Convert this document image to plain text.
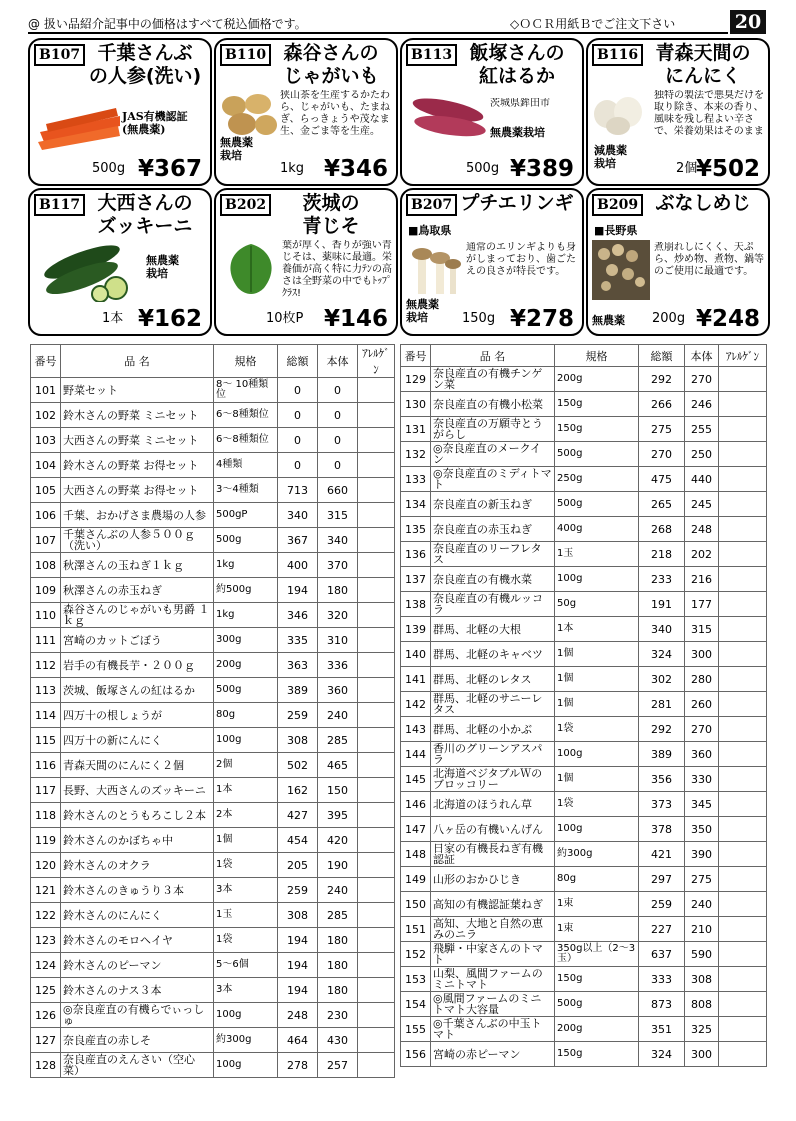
@ 扱い品紹介記事中の価格はすべて税込価格です。	◇ＯＣＲ用紙Ｂでご注文下さい	20
B107 千葉さんぶ
の人参(洗い)
JAS有機認証
(無農薬)
500g ¥367
B110 森谷さんの
じゃがいも
狭山茶を生産するかたわら、じゃがいも、たまねぎ、らっきょうや茂なま生、金ごま等を生産。
無農薬
栽培
1kg ¥346
B113 飯塚さんの
紅はるか
茨城県鉾田市
無農薬栽培
500g ¥389
B116 青森天間の
にんにく
独特の製法で悪臭だけを取り除き、本来の香り、風味を残し程よい辛さで、栄養効果はそのまま
減農薬
栽培	2個
¥502
B117 大西さんの
ズッキーニ
無農薬
栽培
1本 ¥162
B202	茨城の
青じそ
葉が厚く、香りが強い青じそは、薬味に最適。栄養価が高く特に力ﾃﾝの高さは全野菜の中でもﾄｯﾌﾟｸﾗｽ!
10枚P ¥146
B207 プチエリンギ
■鳥取県
通常のエリンギよりも身がしまっており、歯ごたえの良さが特長です。
無農薬
栽培	150g ¥278
B209 ぶなしめじ
■長野県
煮崩れしにくく、天ぷら、炒め物、煮物、鍋等のご使用に最適です。
無農薬 200g ¥248
番号	品 名	規格	総額	本体	ｱﾚﾙｹﾞﾝ
101	野菜セット	8～ 10種類位	0	0	
102	鈴木さんの野菜 ミニセット	6～8種類位	0	0	
103	大西さんの野菜 ミニセット	6～8種類位	0	0	
104	鈴木さんの野菜 お得セット	4種類	0	0	
105	大西さんの野菜 お得セット	3～4種類	713	660	
106	千葉、おかげさま農場の人参	500gP	340	315	
107	千葉さんぶの人参５００ｇ（洗い）	500g	367	340	
108	秋澤さんの玉ねぎ１ｋｇ	1kg	400	370	
109	秋澤さんの赤玉ねぎ	約500g	194	180	
110	森谷さんのじゃがいも男爵 １ｋｇ	1kg	346	320	
111	宮崎のカットごぼう	300g	335	310	
112	岩手の有機長芋・２００ｇ	200g	363	336	
113	茨城、飯塚さんの紅はるか	500g	389	360	
114	四万十の根しょうが	80g	259	240	
115	四万十の新にんにく	100g	308	285	
116	青森天間のにんにく２個	2個	502	465	
117	長野、大西さんのズッキーニ	1本	162	150	
118	鈴木さんのとうもろこし２本	2本	427	395	
119	鈴木さんのかぼちゃ中	1個	454	420	
120	鈴木さんのオクラ	1袋	205	190	
121	鈴木さんのきゅうり３本	3本	259	240	
122	鈴木さんのにんにく	1玉	308	285	
123	鈴木さんのモロヘイヤ	1袋	194	180	
124	鈴木さんのピーマン	5～6個	194	180	
125	鈴木さんのナス３本	3本	194	180	
126	◎奈良産直の有機らでぃっしゅ	100g	248	230	
127	奈良産直の赤しそ	約300g	464	430	
128	奈良産直のえんさい（空心菜）	100g	278	257	
番号	品 名	規格	総額	本体	ｱﾚﾙｹﾞﾝ
129	奈良産直の有機チンゲン菜	200g	292	270	
130	奈良産直の有機小松菜	150g	266	246	
131	奈良産直の万願寺とうがらし	150g	275	255	
132	◎奈良産直のメークイン	500g	270	250	
133	◎奈良産直のミディトマト	250g	475	440	
134	奈良産直の新玉ねぎ	500g	265	245	
135	奈良産直の赤玉ねぎ	400g	268	248	
136	奈良産直のリーフレタス	1玉	218	202	
137	奈良産直の有機水菜	100g	233	216	
138	奈良産直の有機ルッコラ	50g	191	177	
139	群馬、北軽の大根	1本	340	315	
140	群馬、北軽のキャベツ	1個	324	300	
141	群馬、北軽のレタス	1個	302	280	
142	群馬、北軽のサニーレタス	1個	281	260	
143	群馬、北軽の小かぶ	1袋	292	270	
144	香川のグリーンアスパラ	100g	389	360	
145	北海道ベジタブルＷのブロッコリー	1個	356	330	
146	北海道のほうれん草	1袋	373	345	
147	八ヶ岳の有機いんげん	100g	378	350	
148	日家の有機長ねぎ有機認証	約300g	421	390	
149	山形のおかひじき	80g	297	275	
150	高知の有機認証葉ねぎ	1束	259	240	
151	高知、大地と自然の恵みのニラ	1束	227	210	
152	飛騨・中家さんのトマト	350g以上（2～3玉）	637	590	
153	山梨、風間ファームのミニトマト	150g	333	308	
154	◎風間ファームのミニトマト大容量	500g	873	808	
155	◎千葉さんぶの中玉トマト	200g	351	325	
156	宮崎の赤ピーマン	150g	324	300	
